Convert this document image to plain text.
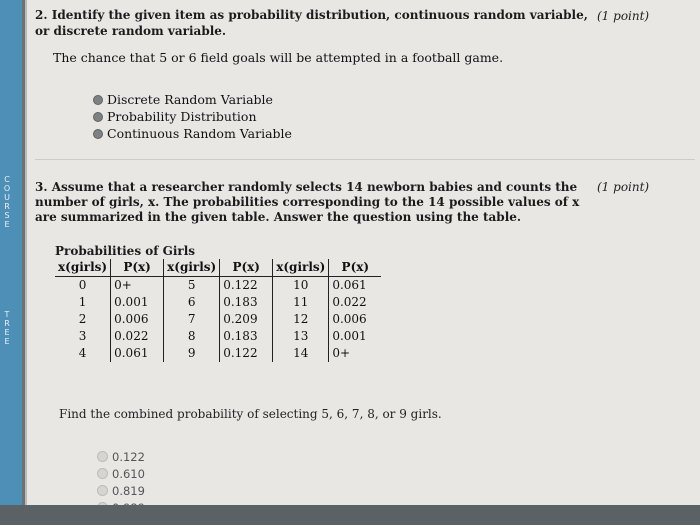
C
O
U
R
S
E
T
R
E
E
2. Identify the given item as probability distribution, continuous random variable, or discrete random variable.
(1 point)
The chance that 5 or 6 field goals will be attempted in a football game.
Discrete Random Variable
Probability Distribution
Continuous Random Variable
3. Assume that a researcher randomly selects 14 newborn babies and counts the number of girls, x. The probabilities corresponding to the 14 possible values of x are summarized in the given table. Answer the question using the table.
(1 point)
Probabilities of Girls
x(girls)	P(x)	x(girls)	P(x)	x(girls)	P(x)
0	0+	5	0.122	10	0.061
1	0.001	6	0.183	11	0.022
2	0.006	7	0.209	12	0.006
3	0.022	8	0.183	13	0.001
4	0.061	9	0.122	14	0+
Find the combined probability of selecting 5, 6, 7, 8, or 9 girls.
0.122
0.610
0.819
